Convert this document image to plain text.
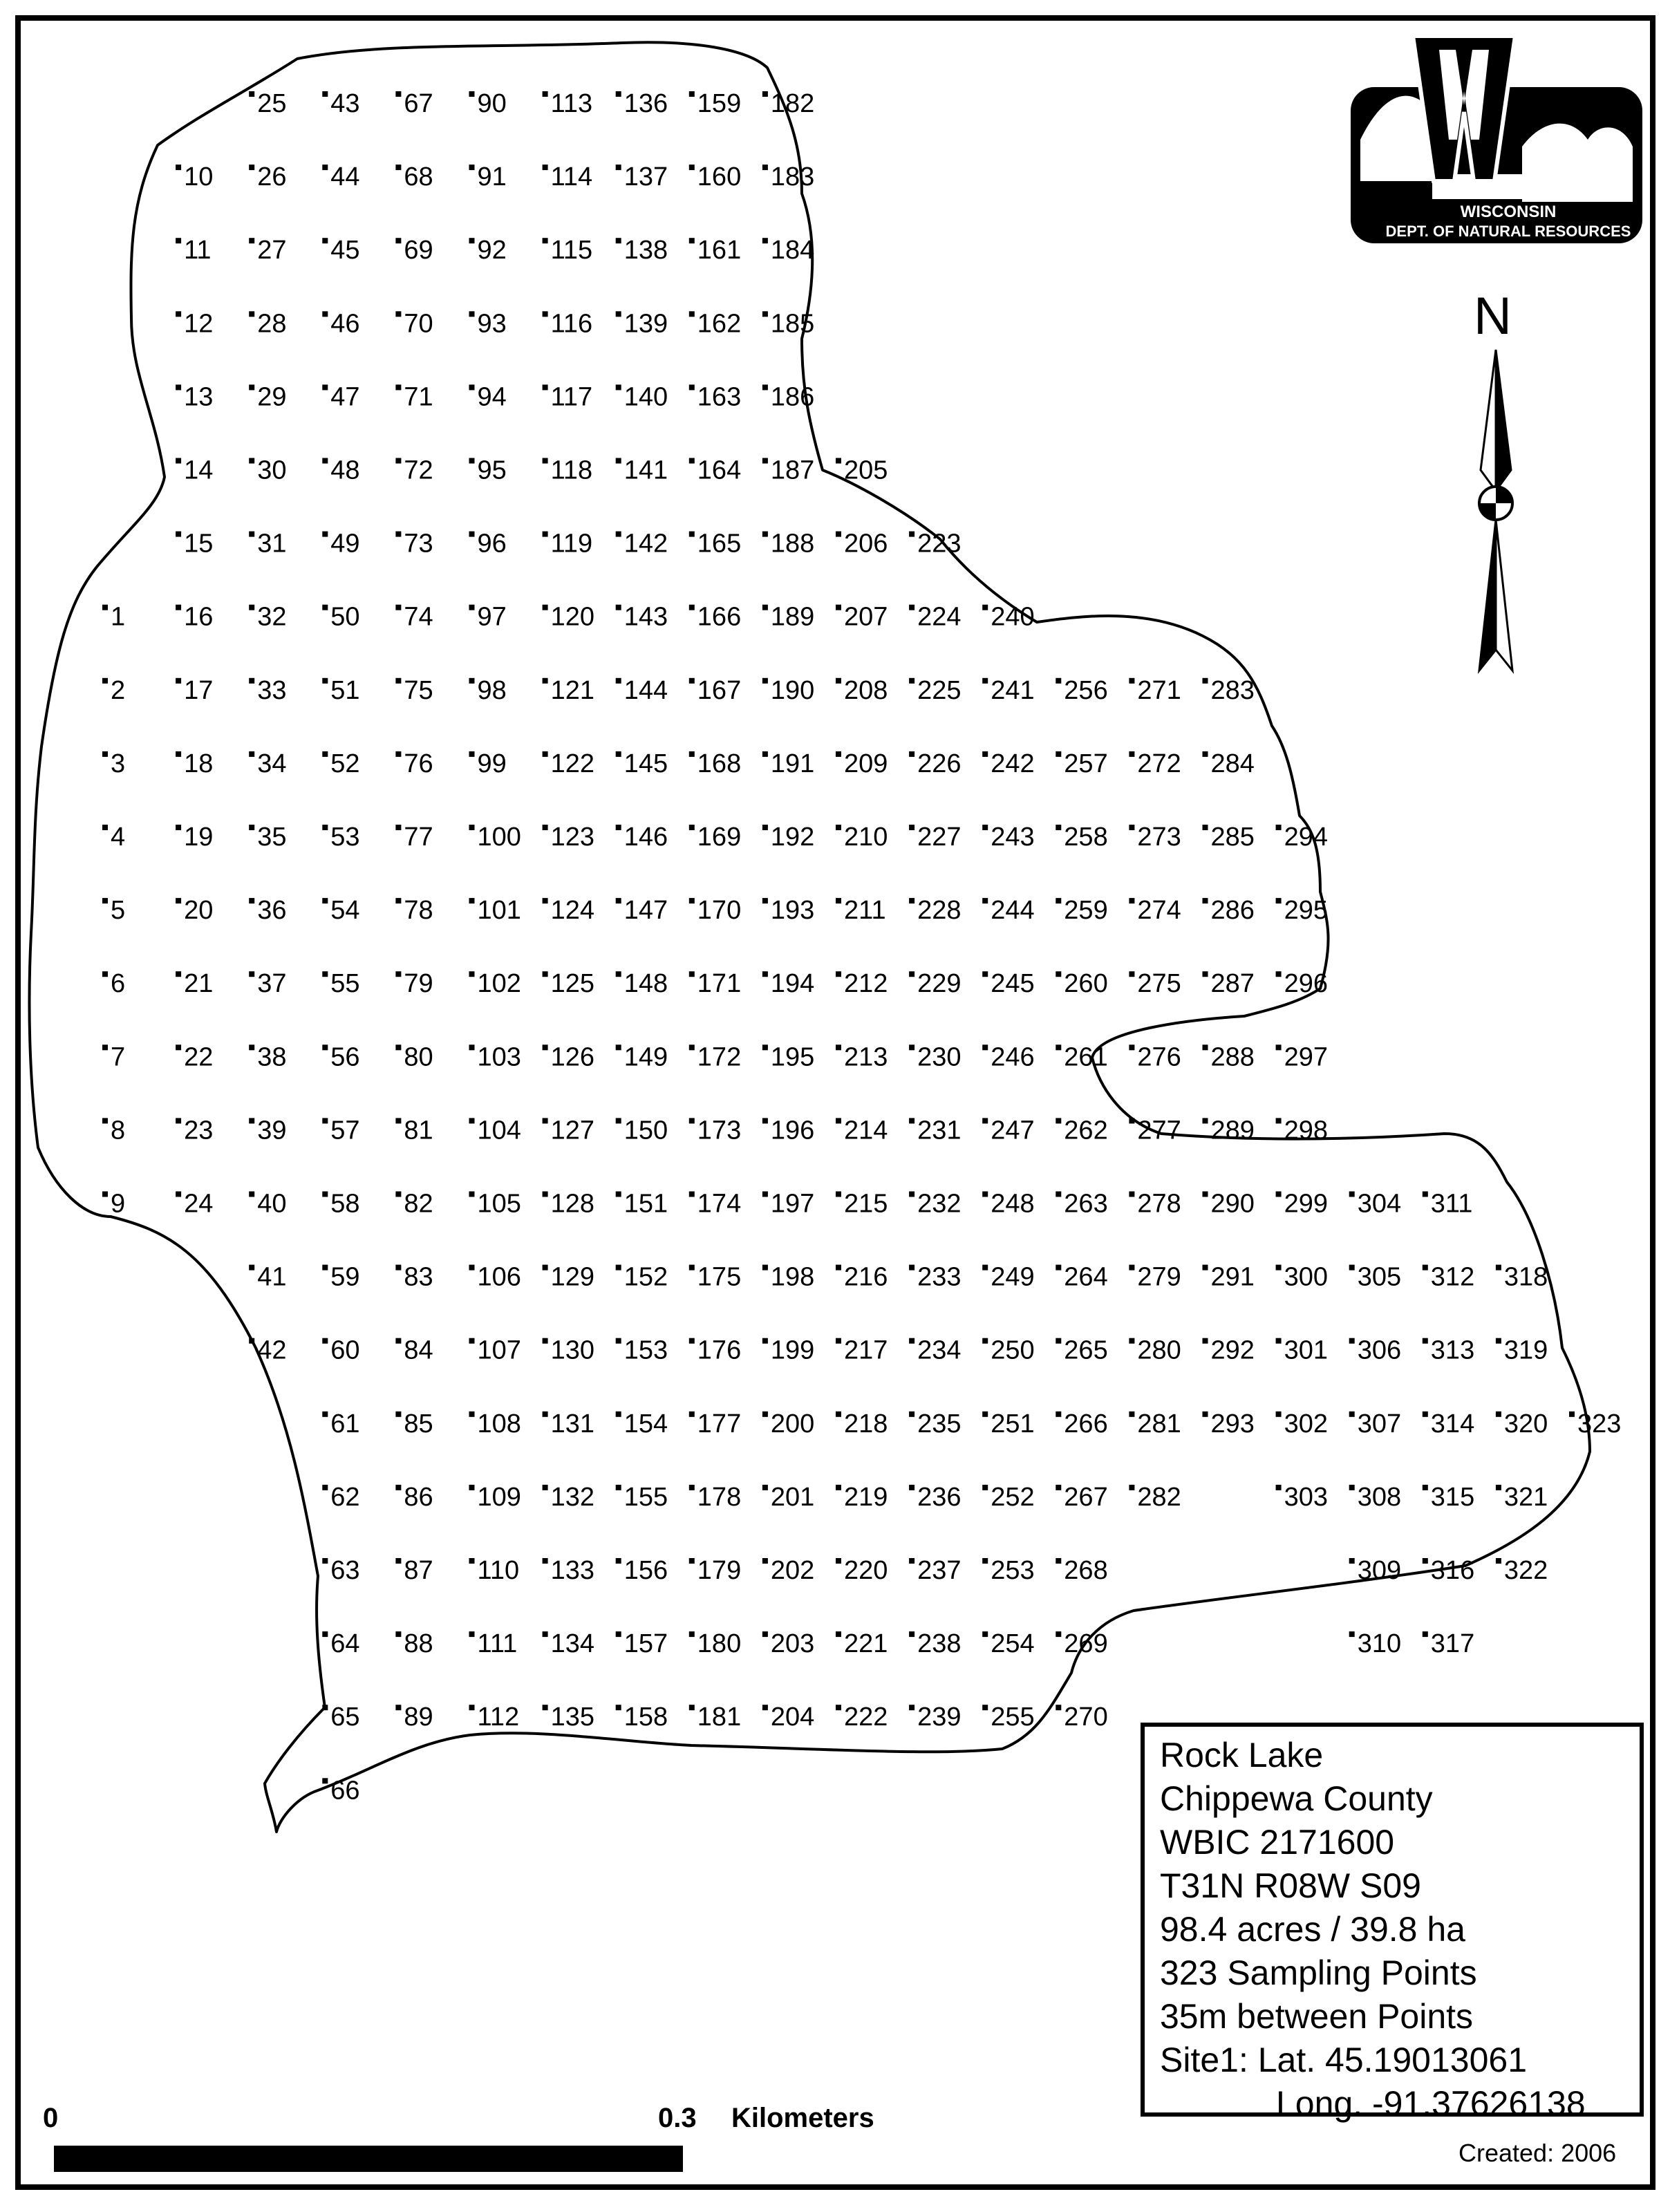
1
2
3
4
5
6
7
8
9
10
11
12
13
14
15
16
17
18
19
20
21
22
23
24
25
26
27
28
29
30
31
32
33
34
35
36
37
38
39
40
41
42
43
44
45
46
47
48
49
50
51
52
53
54
55
56
57
58
59
60
61
62
63
64
65
66
67
68
69
70
71
72
73
74
75
76
77
78
79
80
81
82
83
84
85
86
87
88
89
90
91
92
93
94
95
96
97
98
99
100
101
102
103
104
105
106
107
108
109
110
111
112
113
114
115
116
117
118
119
120
121
122
123
124
125
126
127
128
129
130
131
132
133
134
135
136
137
138
139
140
141
142
143
144
145
146
147
148
149
150
151
152
153
154
155
156
157
158
159
160
161
162
163
164
165
166
167
168
169
170
171
172
173
174
175
176
177
178
179
180
181
182
183
184
185
186
187
188
189
190
191
192
193
194
195
196
197
198
199
200
201
202
203
204
205
206
207
208
209
210
211
212
213
214
215
216
217
218
219
220
221
222
223
224
225
226
227
228
229
230
231
232
233
234
235
236
237
238
239
240
241
242
243
244
245
246
247
248
249
250
251
252
253
254
255
256
257
258
259
260
261
262
263
264
265
266
267
268
269
270
271
272
273
274
275
276
277
278
279
280
281
282
283
284
285
286
287
288
289
290
291
292
293
294
295
296
297
298
299
300
301
302
303
304
305
306
307
308
309
310
311
312
313
314
315
316
317
318
319
320
321
322
323
WISCONSIN
DEPT. OF NATURAL RESOURCES
N
Rock Lake
Chippewa County
WBIC 2171600
T31N R08W S09
98.4 acres / 39.8 ha
323 Sampling Points
35m between Points
Site1: Lat. 45.19013061
Long. -91.37626138
Created: 2006
0	0.3 Kilometers
